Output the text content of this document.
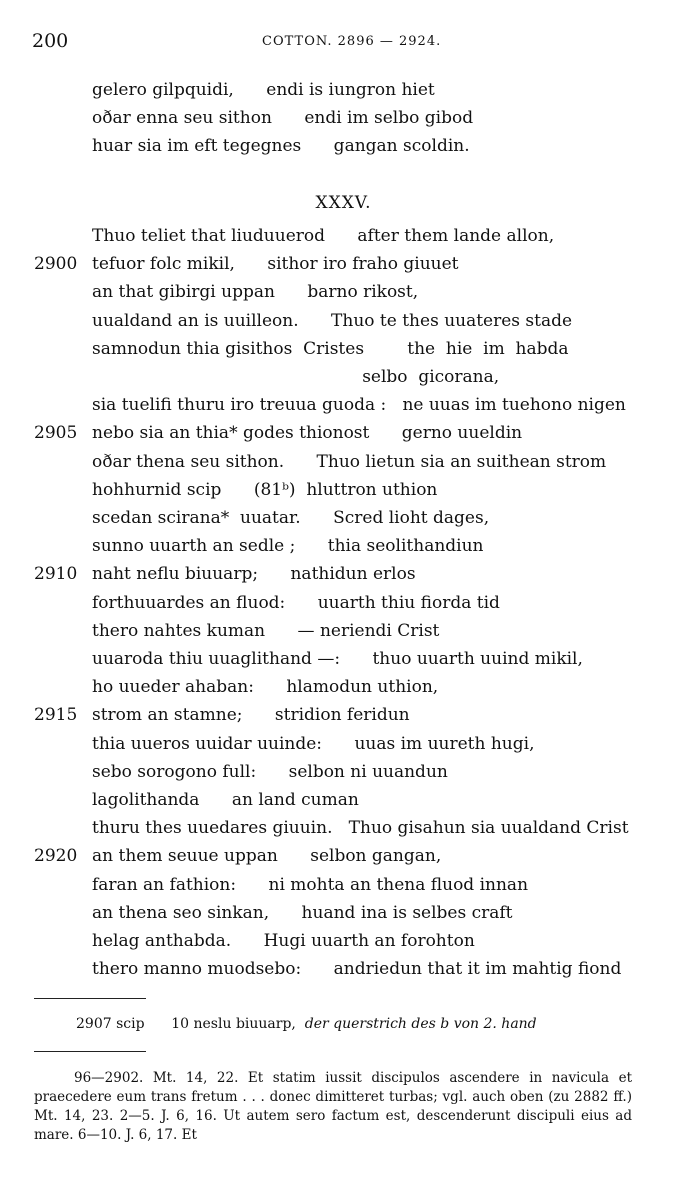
200	COTTON. 2896 — 2924.
gelero gilpquidi,      endi is iungron hiet
oðar enna seu sithon      endi im selbo gibod
huar sia im eft tegegnes      gangan scoldin.
XXXV.
Thuo teliet that liuduuerod      after them lande allon,
2900 tefuor folc mikil,      sithor iro fraho giuuet
an that gibirgi uppan      barno rikost,
uualdand an is uuilleon.      Thuo te thes uuateres stade
samnodun thia gisithos  Cristes        the  hie  im  habda
selbo  gicorana,
sia tuelifi thuru iro treuua guoda :   ne uuas im tuehono nigen
2905 nebo sia an thia* godes thionost      gerno uueldin
oðar thena seu sithon.      Thuo lietun sia an suithean strom
hohhurnid scip      (81ᵇ)  hluttron uthion
scedan scirana*  uuatar.      Scred lioht dages,
sunno uuarth an sedle ;      thia seolithandiun
2910 naht neflu biuuarp;      nathidun erlos
forthuuardes an fluod:      uuarth thiu fiorda tid
thero nahtes kuman      — neriendi Crist
uuaroda thiu uuaglithand —:      thuo uuarth uuind mikil,
ho uueder ahaban:      hlamodun uthion,
2915 strom an stamne;      stridion feridun
thia uueros uuidar uuinde:      uuas im uureth hugi,
sebo sorogono full:      selbon ni uuandun
lagolithanda      an land cuman
thuru thes uuedares giuuin.   Thuo gisahun sia uualdand Crist
2920 an them seuue uppan      selbon gangan,
faran an fathion:      ni mohta an thena fluod innan
an thena seo sinkan,      huand ina is selbes craft
helag anthabda.      Hugi uuarth an forohton
thero manno muodsebo:      andriedun that it im mahtig fiond
2907 scip      10 neslu biuuarp,  der querstrich des b von 2. hand

96—2902. Mt. 14, 22. Et statim iussit discipulos ascendere in navicula et praecedere eum trans fretum . . . donec dimitteret turbas; vgl. auch oben (zu 2882 ff.) Mt. 14, 23. 2—5. J. 6, 16. Ut autem sero factum est, descenderunt discipuli eius ad mare. 6—10. J. 6, 17. Et
